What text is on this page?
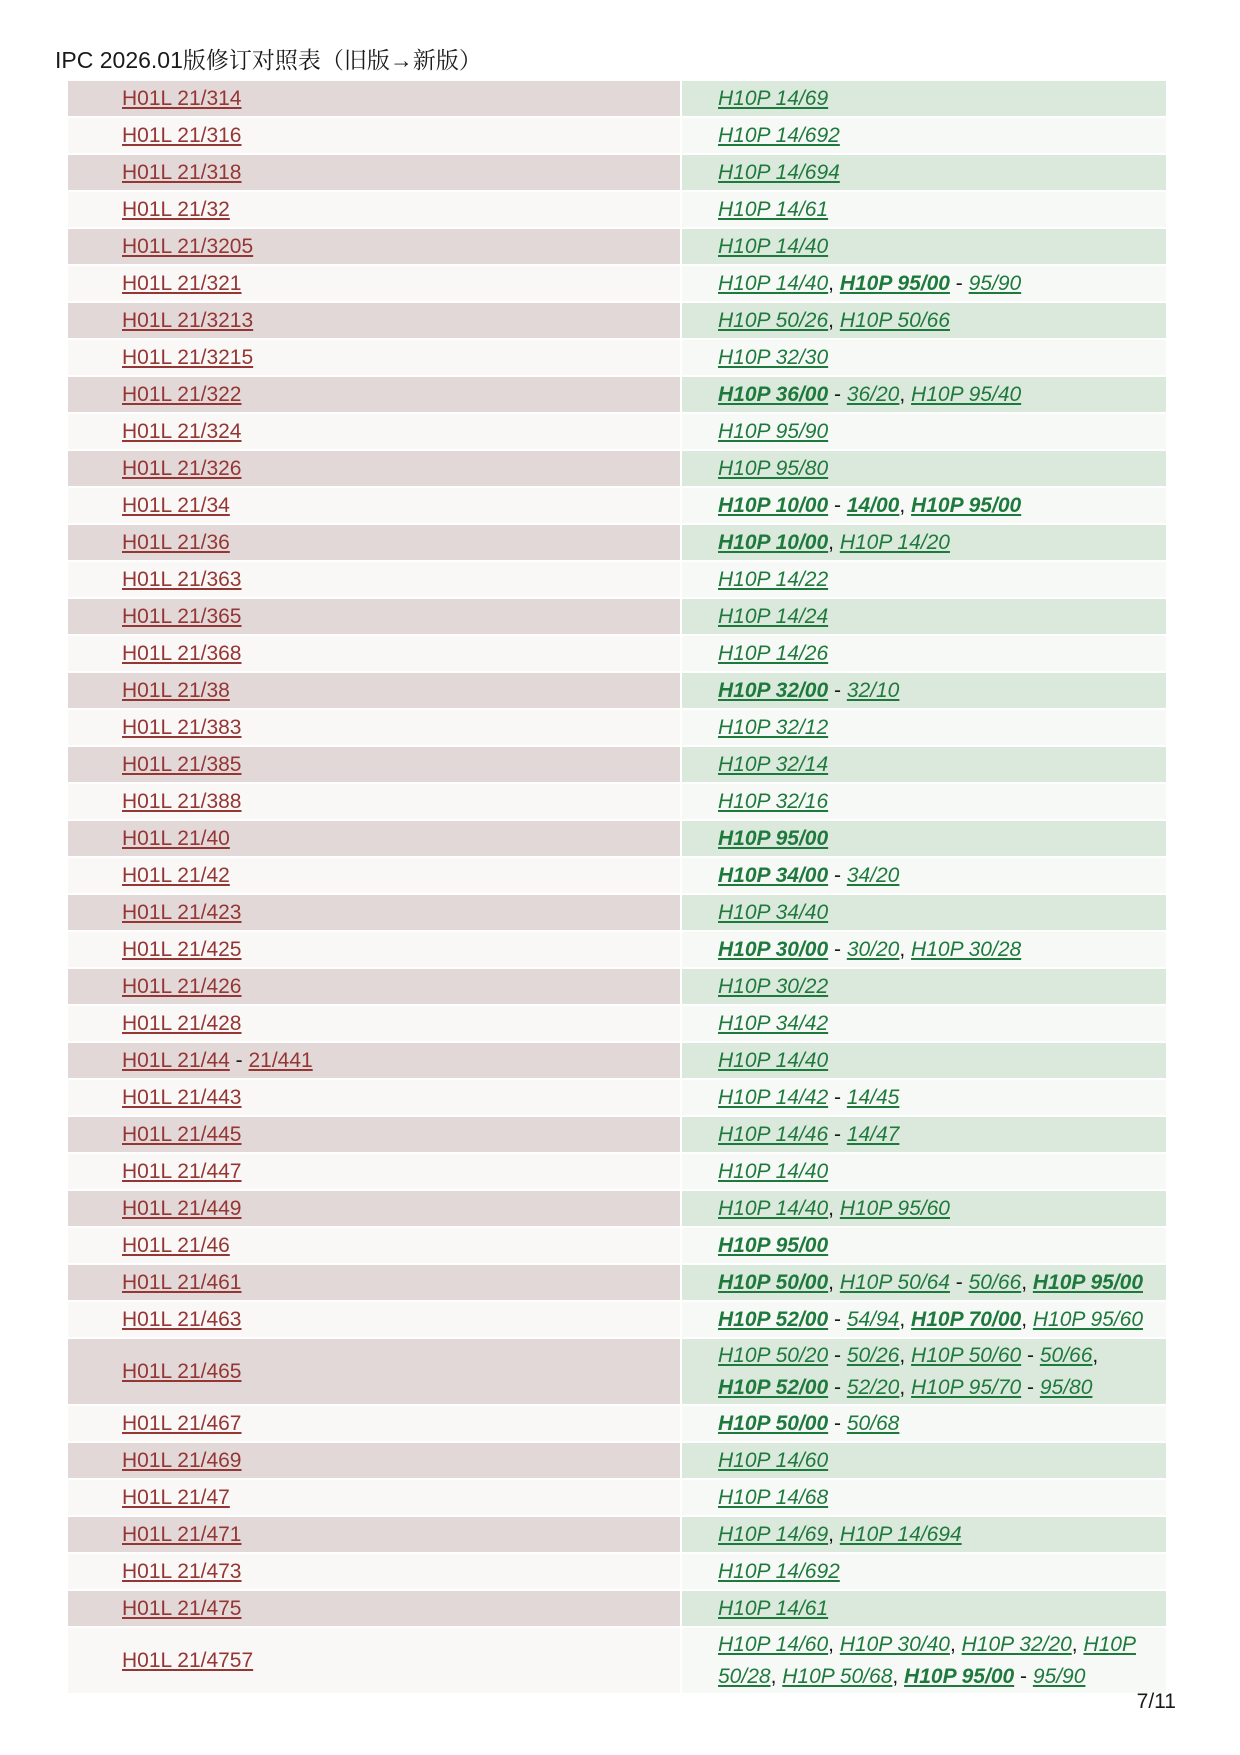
IPC 2026.01版修订对照表（旧版→新版）
H01L 21/314	H10P 14/69
H01L 21/316	H10P 14/692
H01L 21/318	H10P 14/694
H01L 21/32	H10P 14/61
H01L 21/3205	H10P 14/40
H01L 21/321	H10P 14/40, H10P 95/00 - 95/90
H01L 21/3213	H10P 50/26, H10P 50/66
H01L 21/3215	H10P 32/30
H01L 21/322	H10P 36/00 - 36/20, H10P 95/40
H01L 21/324	H10P 95/90
H01L 21/326	H10P 95/80
H01L 21/34	H10P 10/00 - 14/00, H10P 95/00
H01L 21/36	H10P 10/00, H10P 14/20
H01L 21/363	H10P 14/22
H01L 21/365	H10P 14/24
H01L 21/368	H10P 14/26
H01L 21/38	H10P 32/00 - 32/10
H01L 21/383	H10P 32/12
H01L 21/385	H10P 32/14
H01L 21/388	H10P 32/16
H01L 21/40	H10P 95/00
H01L 21/42	H10P 34/00 - 34/20
H01L 21/423	H10P 34/40
H01L 21/425	H10P 30/00 - 30/20, H10P 30/28
H01L 21/426	H10P 30/22
H01L 21/428	H10P 34/42
H01L 21/44 - 21/441	H10P 14/40
H01L 21/443	H10P 14/42 - 14/45
H01L 21/445	H10P 14/46 - 14/47
H01L 21/447	H10P 14/40
H01L 21/449	H10P 14/40, H10P 95/60
H01L 21/46	H10P 95/00
H01L 21/461	H10P 50/00, H10P 50/64 - 50/66, H10P 95/00
H01L 21/463	H10P 52/00 - 54/94, H10P 70/00, H10P 95/60
H01L 21/465	H10P 50/20 - 50/26, H10P 50/60 - 50/66, H10P 52/00 - 52/20, H10P 95/70 - 95/80
H01L 21/467	H10P 50/00 - 50/68
H01L 21/469	H10P 14/60
H01L 21/47	H10P 14/68
H01L 21/471	H10P 14/69, H10P 14/694
H01L 21/473	H10P 14/692
H01L 21/475	H10P 14/61
H01L 21/4757	H10P 14/60, H10P 30/40, H10P 32/20, H10P 50/28, H10P 50/68, H10P 95/00 - 95/90
7/11
